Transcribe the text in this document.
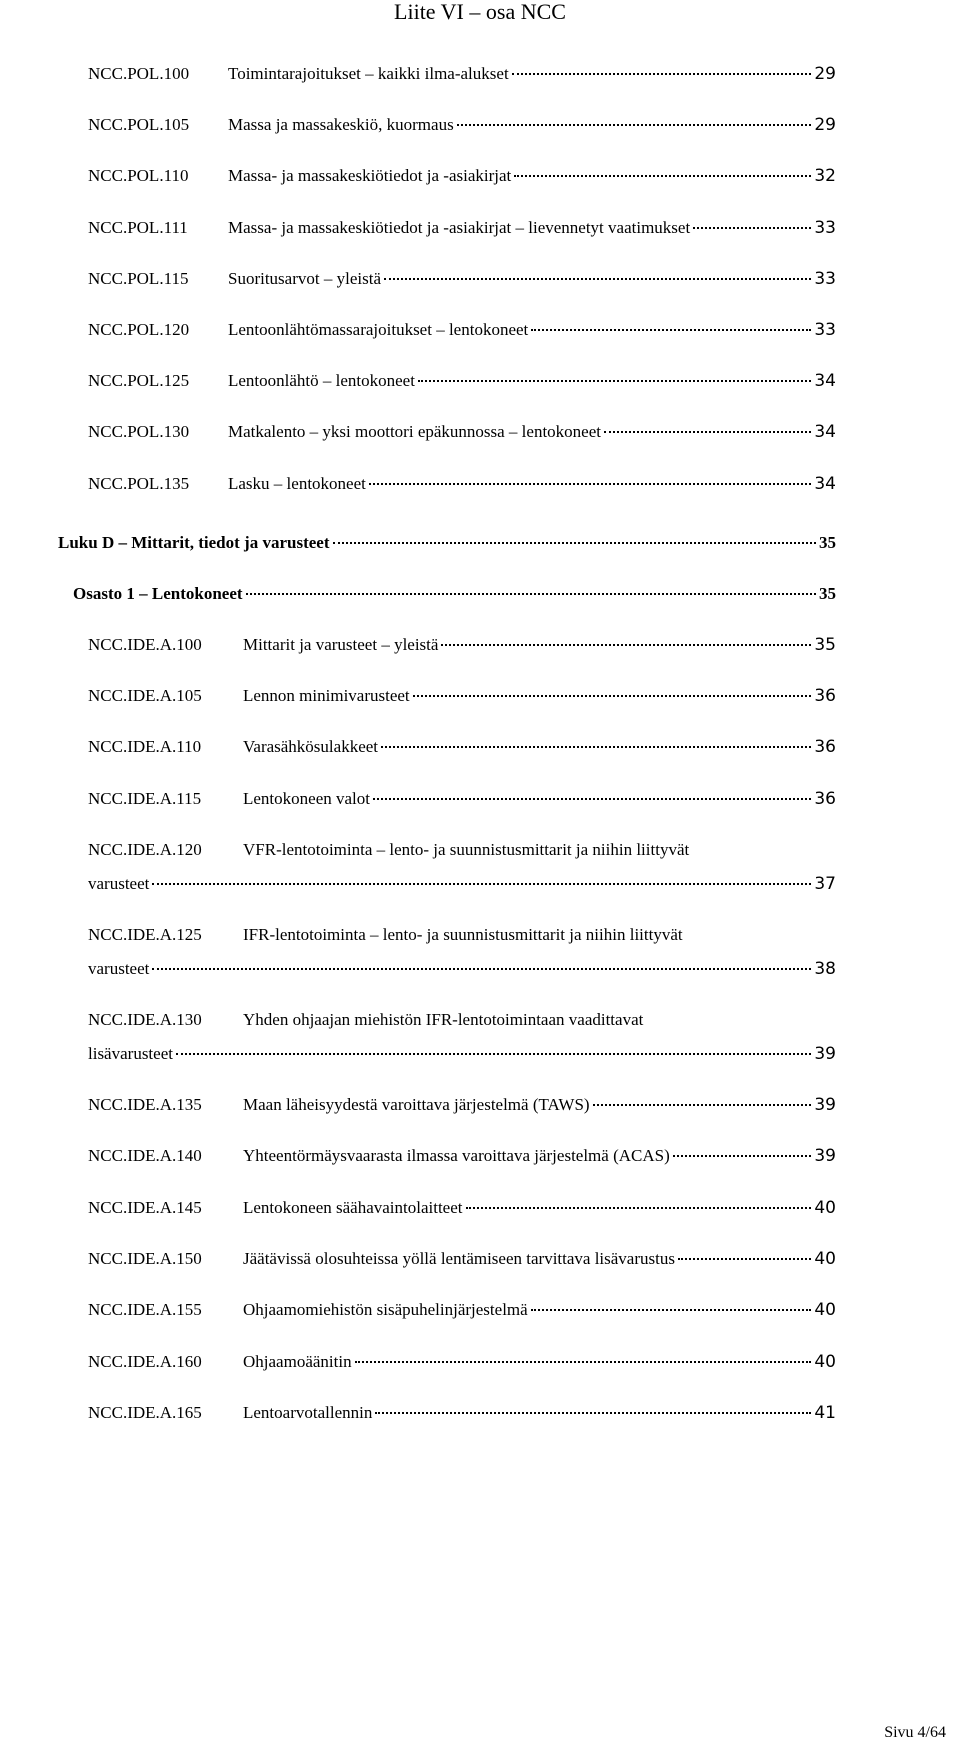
Liite VI – osa NCC
NCC.POL.100	Toimintarajoitukset – kaikki ilma-alukset	29
NCC.POL.105	Massa ja massakeskiö, kuormaus	29
NCC.POL.110	Massa- ja massakeskiötiedot ja -asiakirjat	32
NCC.POL.111	Massa- ja massakeskiötiedot ja -asiakirjat – lievennetyt vaatimukset	33
NCC.POL.115	Suoritusarvot – yleistä	33
NCC.POL.120	Lentoonlähtömassarajoitukset – lentokoneet	33
NCC.POL.125	Lentoonlähtö – lentokoneet	34
NCC.POL.130	Matkalento – yksi moottori epäkunnossa – lentokoneet	34
NCC.POL.135	Lasku – lentokoneet	34
Luku D – Mittarit, tiedot ja varusteet	35
Osasto 1 – Lentokoneet	35
NCC.IDE.A.100	Mittarit ja varusteet – yleistä	35
NCC.IDE.A.105	Lennon minimivarusteet	36
NCC.IDE.A.110	Varasähkösulakkeet	36
NCC.IDE.A.115	Lentokoneen valot	36
NCC.IDE.A.120 VFR-lentotoiminta – lento- ja suunnistusmittarit ja niihin liittyvät
varusteet	37
NCC.IDE.A.125 IFR-lentotoiminta – lento- ja suunnistusmittarit ja niihin liittyvät
varusteet	38
NCC.IDE.A.130 Yhden ohjaajan miehistön IFR-lentotoimintaan vaadittavat
lisävarusteet	39
NCC.IDE.A.135	Maan läheisyydestä varoittava järjestelmä (TAWS)	39
NCC.IDE.A.140	Yhteentörmäysvaarasta ilmassa varoittava järjestelmä (ACAS)	39
NCC.IDE.A.145	Lentokoneen säähavaintolaitteet	40
NCC.IDE.A.150	Jäätävissä olosuhteissa yöllä lentämiseen tarvittava lisävarustus	40
NCC.IDE.A.155	Ohjaamomiehistön sisäpuhelinjärjestelmä	40
NCC.IDE.A.160	Ohjaamoäänitin	40
NCC.IDE.A.165	Lentoarvotallennin	41
Sivu 4/64
